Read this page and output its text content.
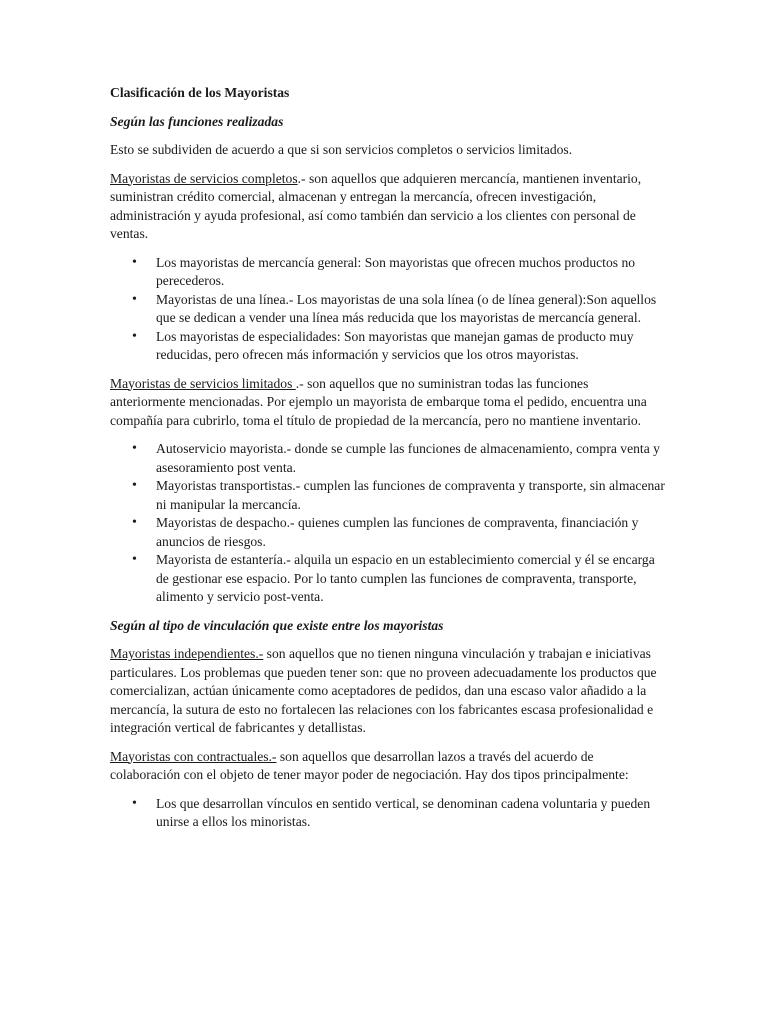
Clasificación de los Mayoristas

Según las funciones realizadas

Esto se subdividen de acuerdo a que si son servicios completos o servicios limitados.

Mayoristas de servicios completos.- son aquellos que adquieren mercancía, mantienen inventario, suministran crédito comercial, almacenan y entregan la mercancía, ofrecen investigación, administración y ayuda profesional, así como también dan servicio a los clientes con personal de ventas.

• Los mayoristas de mercancía general: Son mayoristas que ofrecen muchos productos no perecederos.
• Mayoristas de una línea.- Los mayoristas de una sola línea (o de línea general):Son aquellos que se dedican a vender una línea más reducida que los mayoristas de mercancía general.
• Los mayoristas de especialidades: Son mayoristas que manejan gamas de producto muy reducidas, pero ofrecen más información y servicios que los otros mayoristas.

Mayoristas de servicios limitados .- son aquellos que no suministran todas las funciones anteriormente mencionadas. Por ejemplo un mayorista de embarque toma el pedido, encuentra una compañía para cubrirlo, toma el título de propiedad de la mercancía, pero no mantiene inventario.

• Autoservicio mayorista.- donde se cumple las funciones de almacenamiento, compra venta y asesoramiento post venta.
• Mayoristas transportistas.- cumplen las funciones de compraventa y transporte, sin almacenar ni manipular la mercancía.
• Mayoristas de despacho.- quienes cumplen las funciones de compraventa, financiación y anuncios de riesgos.
• Mayorista de estantería.- alquila un espacio en un establecimiento comercial y él se encarga de gestionar ese espacio. Por lo tanto cumplen las funciones de compraventa, transporte, alimento y servicio post-venta.

Según al tipo de vinculación que existe entre los mayoristas

Mayoristas independientes.- son aquellos que no tienen ninguna vinculación y trabajan e iniciativas particulares. Los problemas que pueden tener son: que no proveen adecuadamente los productos que comercializan, actúan únicamente como aceptadores de pedidos, dan una escaso valor añadido a la mercancía, la sutura de esto no fortalecen las relaciones con los fabricantes escasa profesionalidad e integración vertical de fabricantes y detallistas.

Mayoristas con contractuales.- son aquellos que desarrollan lazos a través del acuerdo de colaboración con el objeto de tener mayor poder de negociación. Hay dos tipos principalmente:

• Los que desarrollan vínculos en sentido vertical, se denominan cadena voluntaria y pueden unirse a ellos los minoristas.
